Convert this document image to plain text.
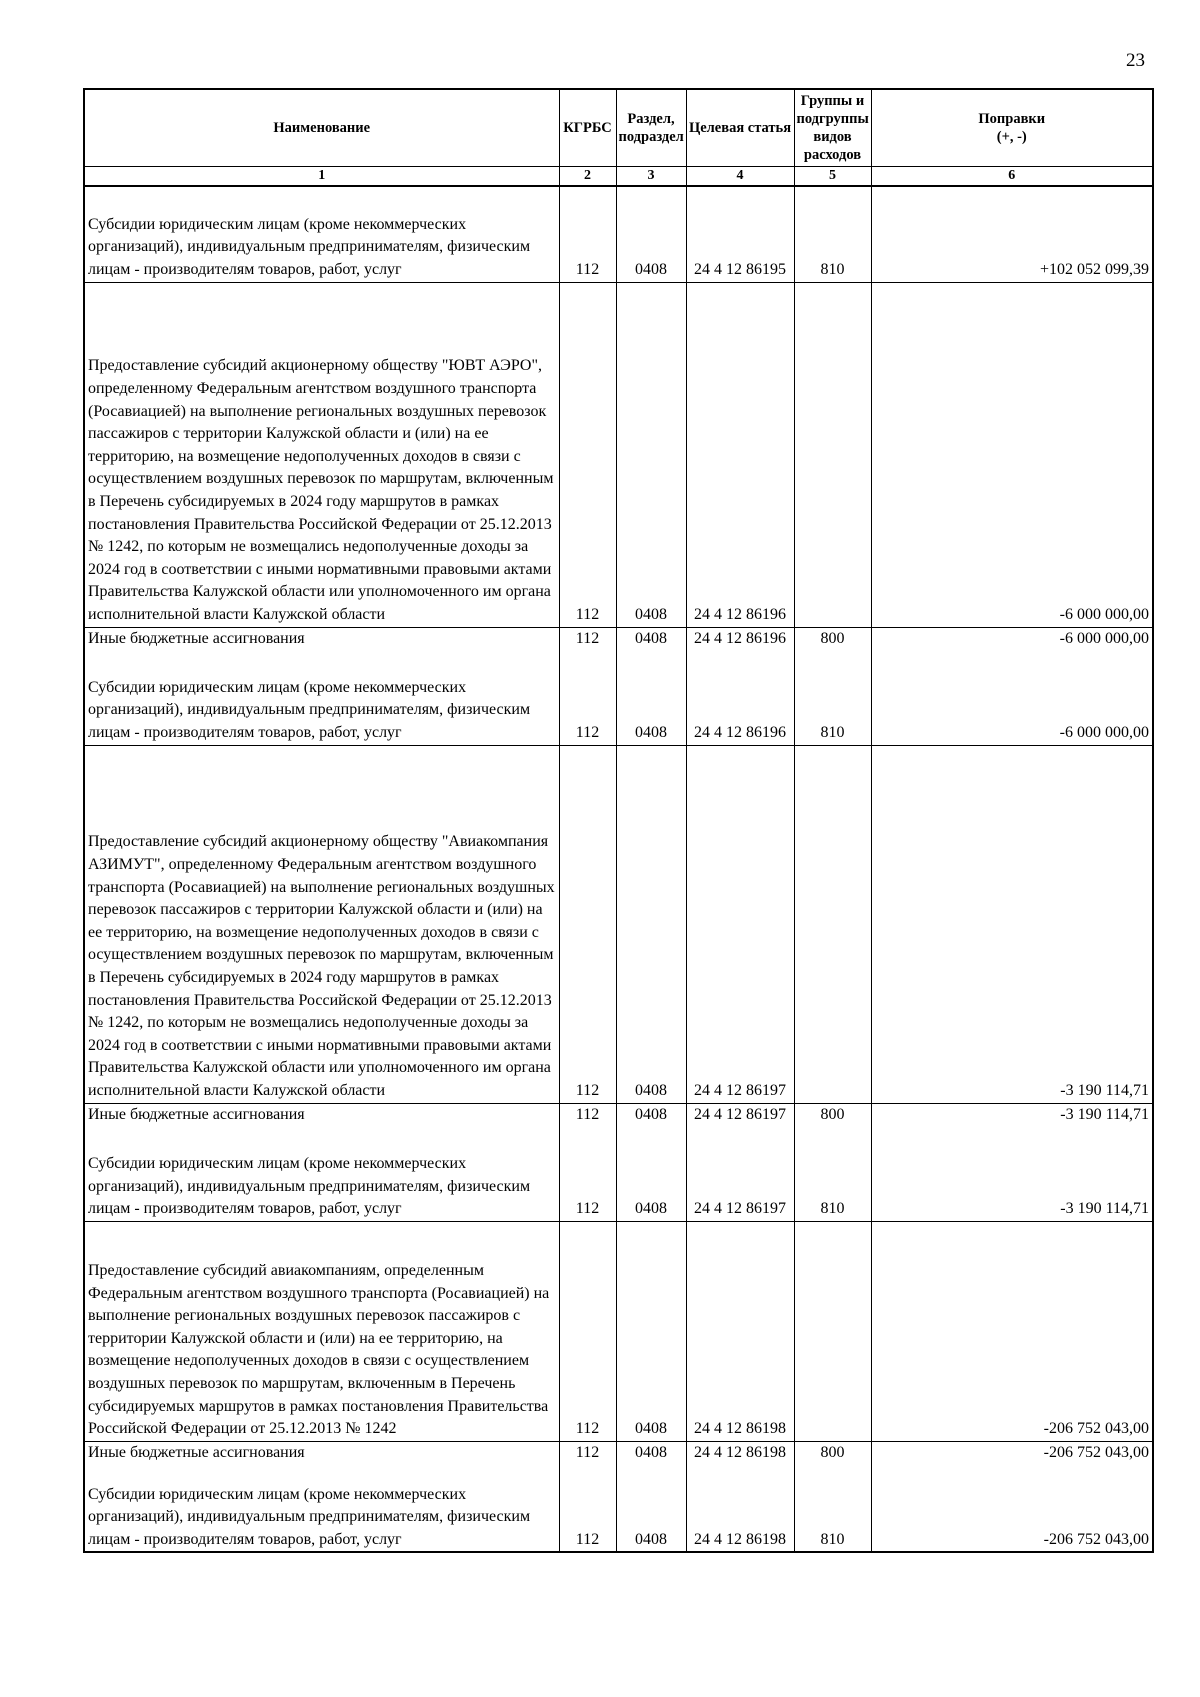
23
Наименование	КГРБС	Раздел, подраздел	Целевая статья	Группы и подгруппы видов расходов	Поправки
(+, -)

1	2	3	4	5	6
Субсидии юридическим лицам (кроме некоммерческих организаций), индивидуальным предпринимателям, физическим лицам - производителям товаров, работ, услуг	112	0408	24 4 12 86195	810	+102 052 099,39
Предоставление субсидий акционерному обществу "ЮВТ АЭРО", определенному Федеральным агентством воздушного транспорта (Росавиацией) на выполнение региональных воздушных перевозок пассажиров с территории Калужской области и (или) на ее территорию, на возмещение недополученных доходов в связи с осуществлением воздушных перевозок по маршрутам, включенным в Перечень субсидируемых в 2024 году маршрутов в рамках постановления Правительства Российской Федерации от 25.12.2013 № 1242, по которым не возмещались недополученные доходы за 2024 год в соответствии с иными нормативными правовыми актами Правительства Калужской области или уполномоченного им органа исполнительной власти Калужской области	112	0408	24 4 12 86196		-6 000 000,00
Иные бюджетные ассигнования	112	0408	24 4 12 86196	800	-6 000 000,00
Субсидии юридическим лицам (кроме некоммерческих организаций), индивидуальным предпринимателям, физическим лицам - производителям товаров, работ, услуг	112	0408	24 4 12 86196	810	-6 000 000,00
Предоставление субсидий акционерному обществу "Авиакомпания АЗИМУТ", определенному Федеральным агентством воздушного транспорта (Росавиацией) на выполнение региональных воздушных перевозок пассажиров с территории Калужской области и (или) на ее территорию, на возмещение недополученных доходов в связи с осуществлением воздушных перевозок по маршрутам, включенным в Перечень субсидируемых в 2024 году маршрутов в рамках постановления Правительства Российской Федерации от 25.12.2013 № 1242, по которым не возмещались недополученные доходы за 2024 год в соответствии с иными нормативными правовыми актами Правительства Калужской области или уполномоченного им органа исполнительной власти Калужской области	112	0408	24 4 12 86197		-3 190 114,71
Иные бюджетные ассигнования	112	0408	24 4 12 86197	800	-3 190 114,71
Субсидии юридическим лицам (кроме некоммерческих организаций), индивидуальным предпринимателям, физическим лицам - производителям товаров, работ, услуг	112	0408	24 4 12 86197	810	-3 190 114,71
Предоставление субсидий авиакомпаниям, определенным Федеральным агентством воздушного транспорта (Росавиацией) на выполнение региональных воздушных перевозок пассажиров с территории Калужской области и (или) на ее территорию, на возмещение недополученных доходов в связи с осуществлением воздушных перевозок по маршрутам, включенным в Перечень субсидируемых маршрутов в рамках постановления Правительства Российской Федерации от 25.12.2013 № 1242	112	0408	24 4 12 86198		-206 752 043,00
Иные бюджетные ассигнования	112	0408	24 4 12 86198	800	-206 752 043,00
Субсидии юридическим лицам (кроме некоммерческих организаций), индивидуальным предпринимателям, физическим лицам - производителям товаров, работ, услуг	112	0408	24 4 12 86198	810	-206 752 043,00
